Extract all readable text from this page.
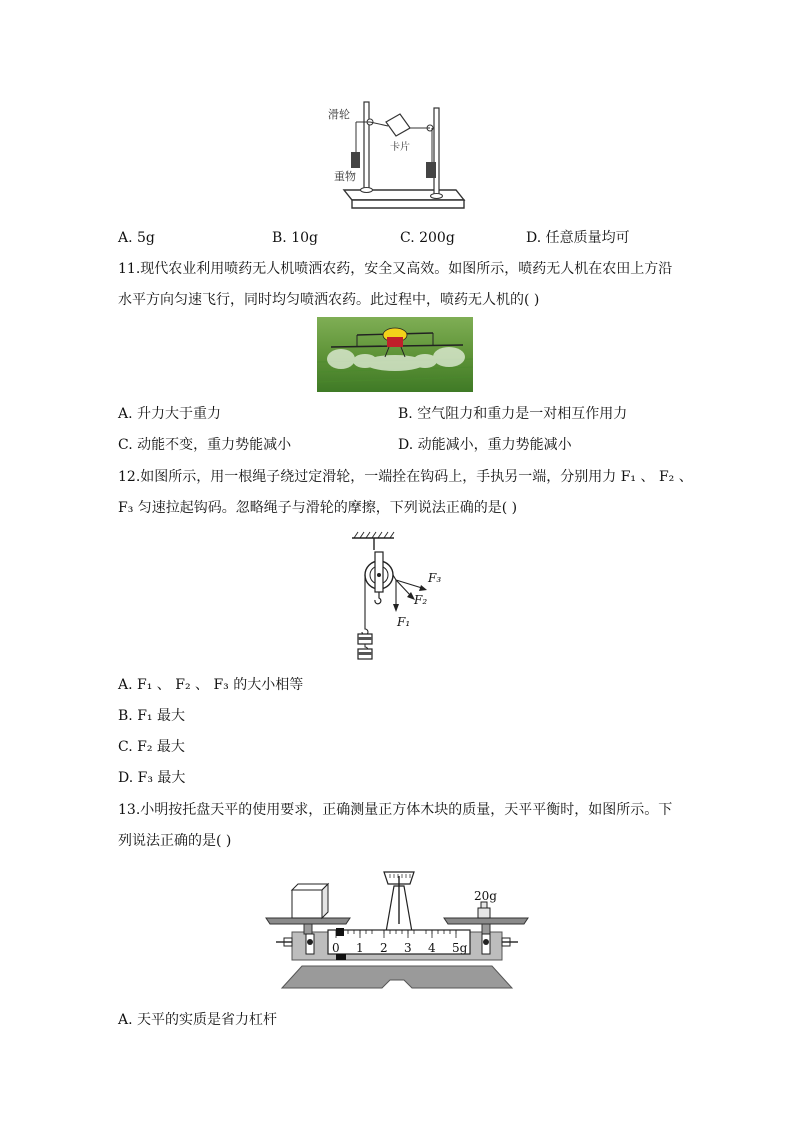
滑轮
卡片
重物
A. 5g	B. 10g	C. 200g	D. 任意质量均可
11.现代农业利用喷药无人机喷洒农药，安全又高效。如图所示，喷药无人机在农田上方沿
水平方向匀速飞行，同时均匀喷洒农药。此过程中，喷药无人机的( )
A. 升力大于重力	B. 空气阻力和重力是一对相互作用力
C. 动能不变，重力势能减小	D. 动能减小，重力势能减小
12.如图所示，用一根绳子绕过定滑轮，一端拴在钩码上，手执另一端，分别用力 F₁ 、 F₂ 、
F₃ 匀速拉起钩码。忽略绳子与滑轮的摩擦，下列说法正确的是( )
F₁
F₂
F₃
A. F₁ 、 F₂ 、 F₃ 的大小相等
B. F₁ 最大
C. F₂ 最大
D. F₃ 最大
13.小明按托盘天平的使用要求，正确测量正方体木块的质量，天平平衡时，如图所示。下
列说法正确的是( )
20g
0 1 2 3 4 5g
A. 天平的实质是省力杠杆
